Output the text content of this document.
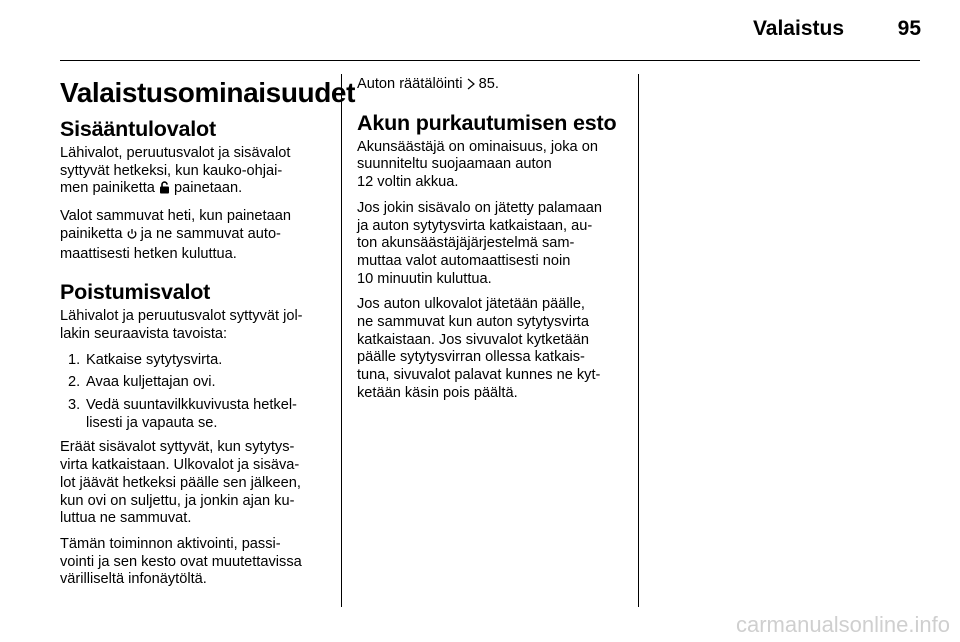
Valaistus	95
Valaistusominaisuudet
Sisääntulovalot

Lähivalot, peruutusvalot ja sisävalot
syttyvät hetkeksi, kun kauko-ohjai-
men painiketta  painetaan.

Valot sammuvat heti, kun painetaan
painiketta  ja ne sammuvat auto-
maattisesti hetken kuluttua.

Poistumisvalot

Lähivalot ja peruutusvalot syttyvät jol-
lakin seuraavista tavoista:

1. Katkaise sytytysvirta.
2. Avaa kuljettajan ovi.
3. Vedä suuntavilkkuvivusta hetkel-
lisesti ja vapauta se.

Eräät sisävalot syttyvät, kun sytytys-
virta katkaistaan. Ulkovalot ja sisäva-
lot jäävät hetkeksi päälle sen jälkeen,
kun ovi on suljettu, ja jonkin ajan ku-
luttua ne sammuvat.

Tämän toiminnon aktivointi, passi-
vointi ja sen kesto ovat muutettavissa
värilliseltä infonäytöltä.

Auton räätälöinti  85.

Akun purkautumisen esto

Akunsäästäjä on ominaisuus, joka on
suunniteltu suojaamaan auton
12 voltin akkua.

Jos jokin sisävalo on jätetty palamaan
ja auton sytytysvirta katkaistaan, au-
ton akunsäästäjäjärjestelmä sam-
muttaa valot automaattisesti noin
10 minuutin kuluttua.

Jos auton ulkovalot jätetään päälle,
ne sammuvat kun auton sytytysvirta
katkaistaan. Jos sivuvalot kytketään
päälle sytytysvirran ollessa katkais-
tuna, sivuvalot palavat kunnes ne kyt-
ketään käsin pois päältä.

carmanualsonline.info
